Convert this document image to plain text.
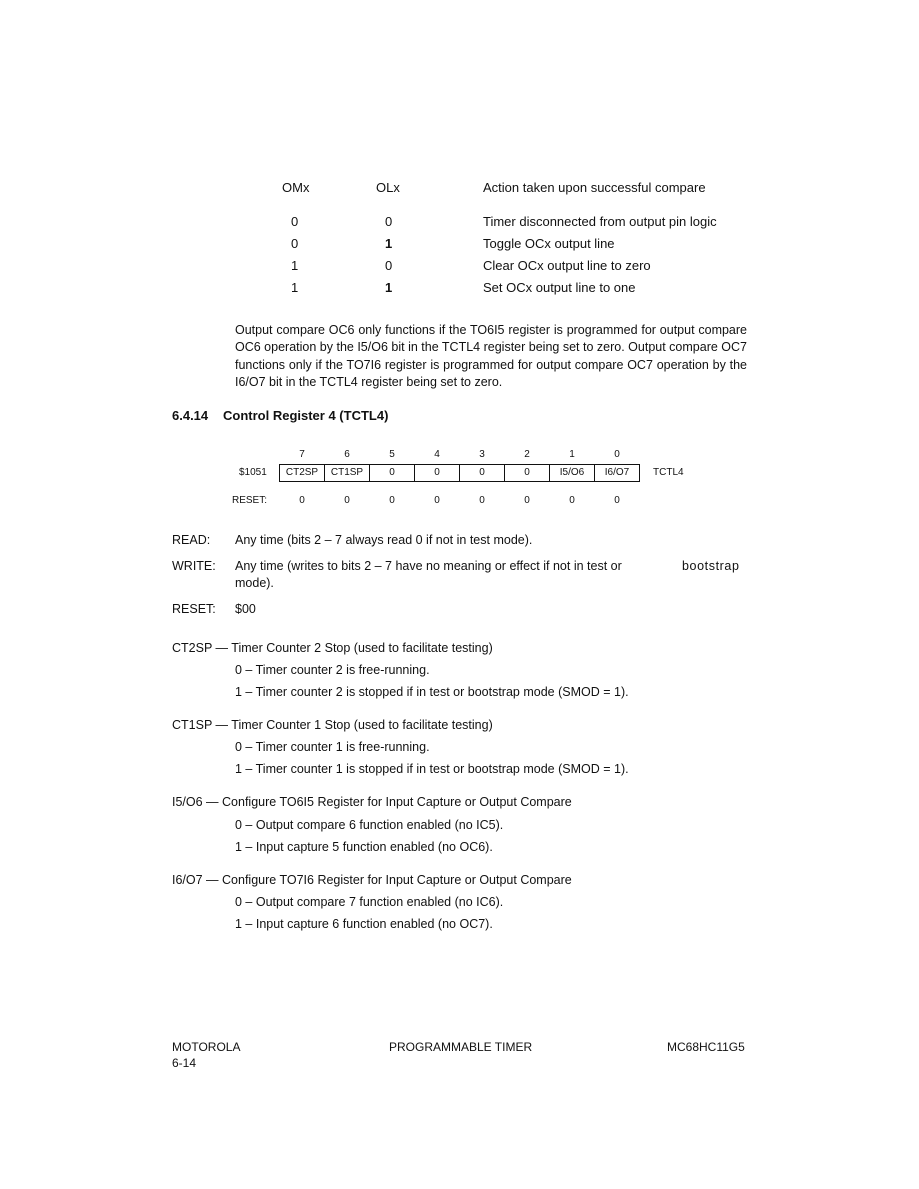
OMx	OLx	Action taken upon successful compare
0	0	Timer disconnected from output pin logic
0	1	Toggle OCx output line
1	0	Clear OCx output line to zero
1	1	Set OCx output line to one
Output compare OC6 only functions if the TO6I5 register is programmed for output compare OC6 operation by the I5/O6 bit in the TCTL4 register being set to zero. Output compare OC7 functions only if the TO7I6 register is programmed for output compare OC7 operation by the I6/O7 bit in the TCTL4 register being set to zero.
6.4.14 Control Register 4 (TCTL4)
7	6	5	4	3	2	1	0
$1051	CT2SP	CT1SP	0	0	0	0	I5/O6	I6/O7	TCTL4
RESET:	0	0	0	0	0	0	0	0
READ: Any time (bits 2 – 7 always read 0 if not in test mode).
WRITE: Any time (writes to bits 2 – 7 have no meaning or effect if not in test or	bootstrap
mode).
RESET: $00
CT2SP — Timer Counter 2 Stop (used to facilitate testing)
0 – Timer counter 2 is free-running.
1 – Timer counter 2 is stopped if in test or bootstrap mode (SMOD = 1).
CT1SP — Timer Counter 1 Stop (used to facilitate testing)
0 – Timer counter 1 is free-running.
1 – Timer counter 1 is stopped if in test or bootstrap mode (SMOD = 1).
I5/O6 — Configure TO6I5 Register for Input Capture or Output Compare
0 – Output compare 6 function enabled (no IC5).
1 – Input capture 5 function enabled (no OC6).
I6/O7 — Configure TO7I6 Register for Input Capture or Output Compare
0 – Output compare 7 function enabled (no IC6).
1 – Input capture 6 function enabled (no OC7).
MOTOROLA
6-14
PROGRAMMABLE TIMER	MC68HC11G5
